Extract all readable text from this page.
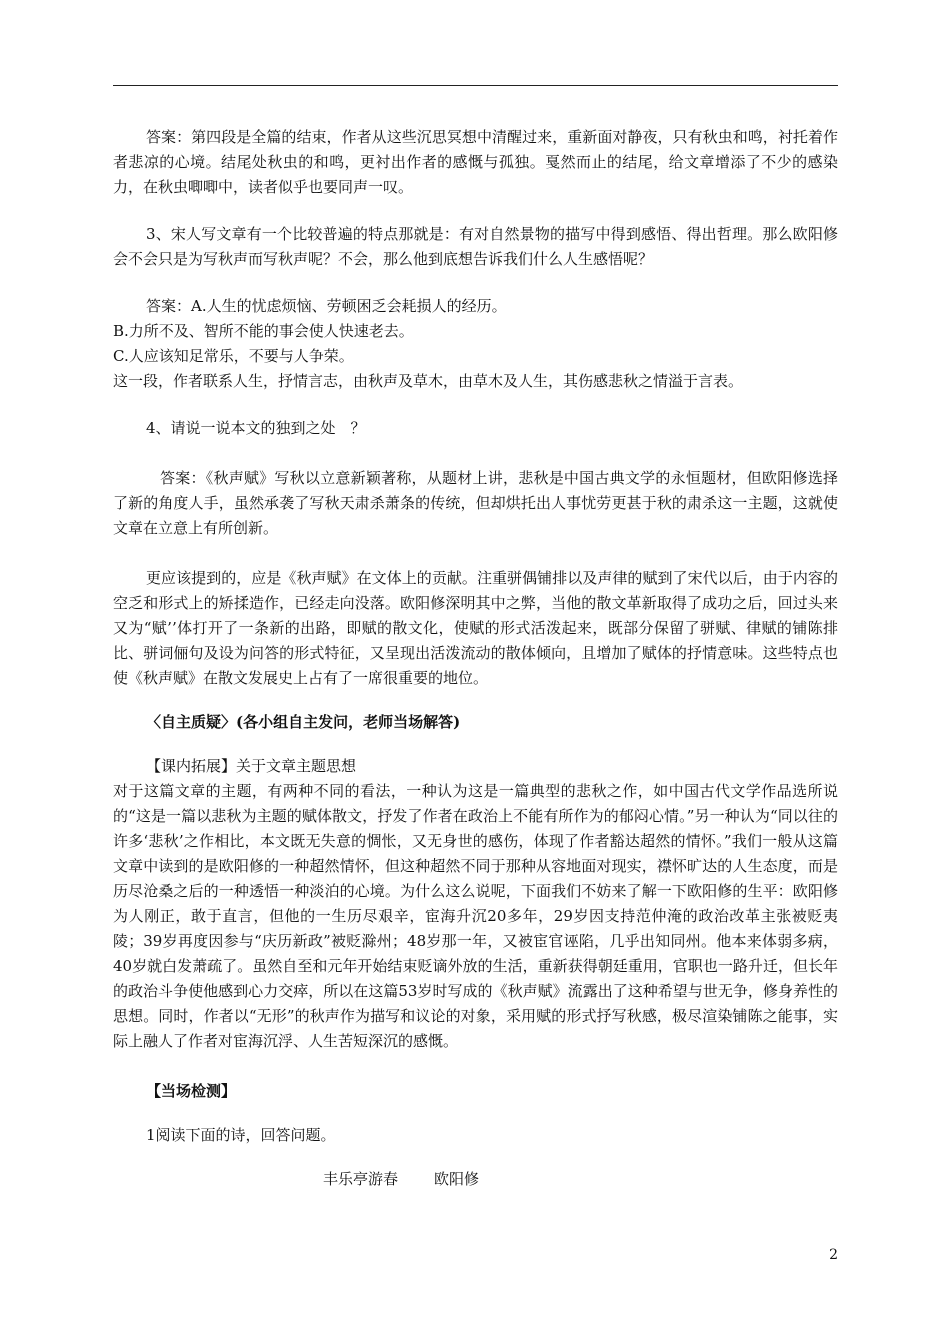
答案：第四段是全篇的结束，作者从这些沉思冥想中清醒过来，重新面对静夜，只有秋虫和鸣，衬托着作者悲凉的心境。结尾处秋虫的和鸣，更衬出作者的感慨与孤独。戛然而止的结尾，给文章增添了不少的感染力，在秋虫唧唧中，读者似乎也要同声一叹。

3、宋人写文章有一个比较普遍的特点那就是：有对自然景物的描写中得到感悟、得出哲理。那么欧阳修会不会只是为写秋声而写秋声呢？不会，那么他到底想告诉我们什么人生感悟呢？

答案：A.人生的忧虑烦恼、劳顿困乏会耗损人的经历。

B.力所不及、智所不能的事会使人快速老去。

C.人应该知足常乐，不要与人争荣。

这一段，作者联系人生，抒情言志，由秋声及草木，由草木及人生，其伤感悲秋之情溢于言表。

4、请说一说本文的独到之处　？

答案：《秋声赋》写秋以立意新颖著称，从题材上讲，悲秋是中国古典文学的永恒题材，但欧阳修选择了新的角度人手，虽然承袭了写秋天肃杀萧条的传统，但却烘托出人事忧劳更甚于秋的肃杀这一主题，这就使文章在立意上有所创新。

更应该提到的，应是《秋声赋》在文体上的贡献。注重骈偶铺排以及声律的赋到了宋代以后，由于内容的空乏和形式上的矫揉造作，已经走向没落。欧阳修深明其中之弊，当他的散文革新取得了成功之后，回过头来又为“赋’’体打开了一条新的出路，即赋的散文化，使赋的形式活泼起来，既部分保留了骈赋、律赋的铺陈排比、骈词俪句及设为问答的形式特征，又呈现出活泼流动的散体倾向，且增加了赋体的抒情意味。这些特点也使《秋声赋》在散文发展史上占有了一席很重要的地位。

〈自主质疑〉(各小组自主发问，老师当场解答)

【课内拓展】关于文章主题思想

对于这篇文章的主题，有两种不同的看法，一种认为这是一篇典型的悲秋之作，如中国古代文学作品选所说的“这是一篇以悲秋为主题的赋体散文，抒发了作者在政治上不能有所作为的郁闷心情。”另一种认为“同以往的许多‘悲秋’之作相比，本文既无失意的惆怅，又无身世的感伤，体现了作者豁达超然的情怀。”我们一般从这篇文章中读到的是欧阳修的一种超然情怀，但这种超然不同于那种从容地面对现实，襟怀旷达的人生态度，而是历尽沧桑之后的一种透悟一种淡泊的心境。为什么这么说呢，下面我们不妨来了解一下欧阳修的生平：欧阳修为人刚正，敢于直言，但他的一生历尽艰辛，宦海升沉20多年，29岁因支持范仲淹的政治改革主张被贬夷陵；39岁再度因参与“庆历新政”被贬滁州；48岁那一年，又被宦官诬陷，几乎出知同州。他本来体弱多病，40岁就白发萧疏了。虽然自至和元年开始结束贬谪外放的生活，重新获得朝廷重用，官职也一路升迁，但长年的政治斗争使他感到心力交瘁，所以在这篇53岁时写成的《秋声赋》流露出了这种希望与世无争，修身养性的思想。同时，作者以“无形”的秋声作为描写和议论的对象，采用赋的形式抒写秋感，极尽渲染铺陈之能事，实际上融人了作者对宦海沉浮、人生苦短深沉的感慨。

【当场检测】

1阅读下面的诗，回答问题。

丰乐亭游春 欧阳修
2
